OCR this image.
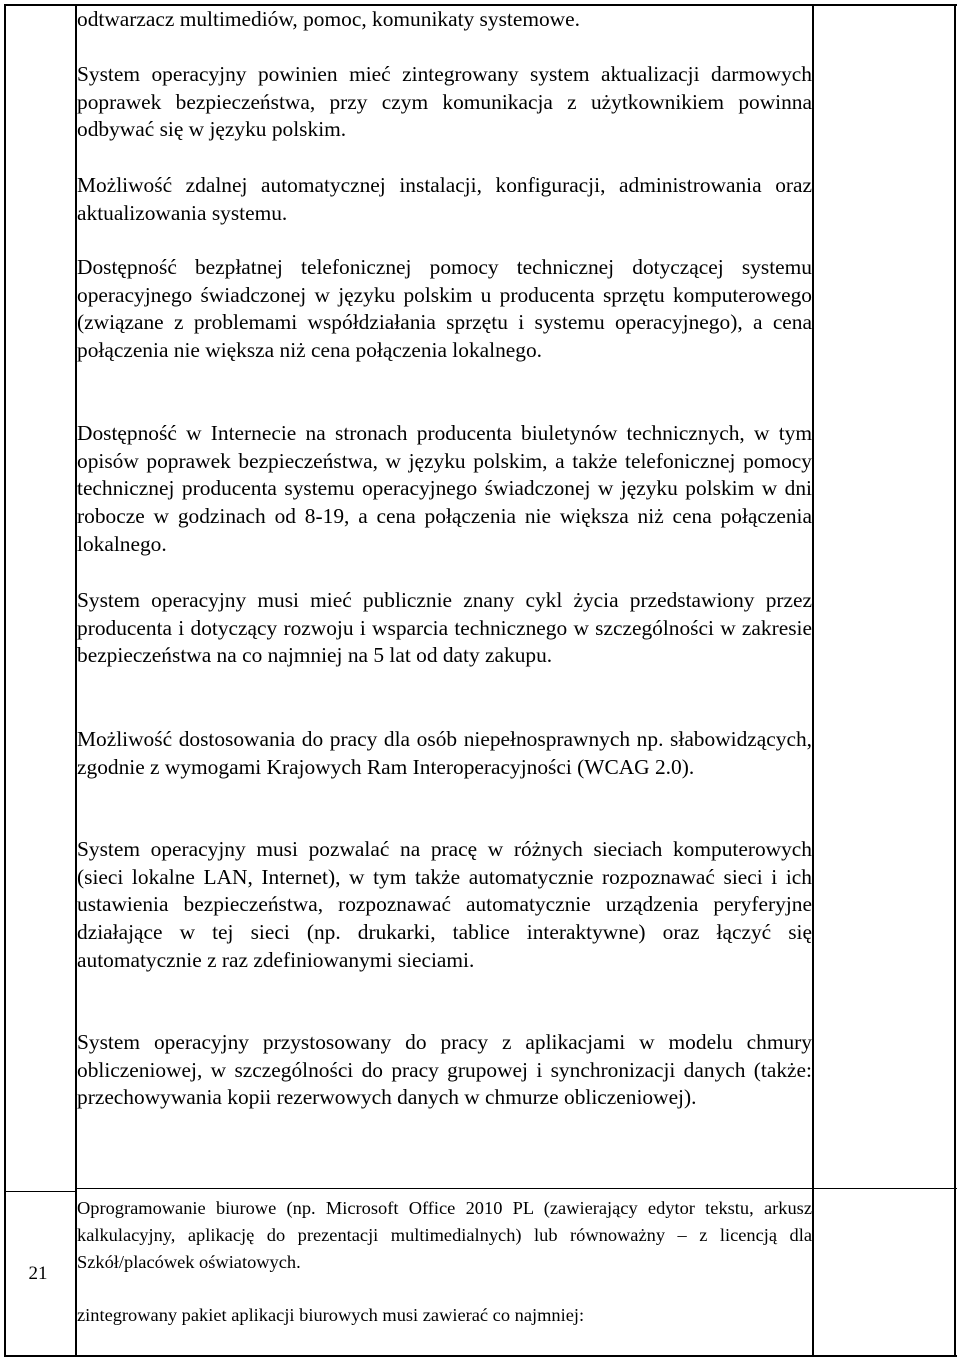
odtwarzacz multimediów, pomoc, komunikaty systemowe.

System operacyjny powinien mieć zintegrowany system aktualizacji darmowych poprawek bezpieczeństwa, przy czym komunikacja z użytkownikiem powinna odbywać się w języku polskim.

Możliwość zdalnej automatycznej instalacji, konfiguracji, administrowania oraz aktualizowania systemu.

Dostępność bezpłatnej telefonicznej pomocy technicznej dotyczącej systemu operacyjnego świadczonej w języku polskim u producenta sprzętu komputerowego (związane z problemami współdziałania sprzętu i systemu operacyjnego), a cena połączenia nie większa niż cena połączenia lokalnego.

Dostępność w Internecie na stronach producenta biuletynów technicznych, w tym opisów poprawek bezpieczeństwa, w języku polskim, a także telefonicznej pomocy technicznej producenta systemu operacyjnego świadczonej w języku polskim w dni robocze w godzinach od 8-19, a cena połączenia nie większa niż cena połączenia lokalnego.

System operacyjny musi mieć publicznie znany cykl życia przedstawiony przez producenta i dotyczący rozwoju i wsparcia technicznego w szczególności w zakresie bezpieczeństwa na co najmniej na 5 lat od daty zakupu.

Możliwość dostosowania do pracy dla osób niepełnosprawnych np. słabowidzących, zgodnie z wymogami Krajowych Ram Interoperacyjności (WCAG 2.0).

System operacyjny musi pozwalać na pracę w różnych sieciach komputerowych (sieci lokalne LAN, Internet), w tym także automatycznie rozpoznawać sieci i ich ustawienia bezpieczeństwa, rozpoznawać automatycznie urządzenia peryferyjne działające w tej sieci (np. drukarki, tablice interaktywne) oraz łączyć się automatycznie z raz zdefiniowanymi sieciami.

System operacyjny przystosowany do pracy z aplikacjami w modelu chmury obliczeniowej, w szczególności do pracy grupowej i synchronizacji danych (także: przechowywania kopii rezerwowych danych w chmurze obliczeniowej).

21

Oprogramowanie biurowe (np. Microsoft Office 2010 PL (zawierający edytor tekstu, arkusz kalkulacyjny, aplikację do prezentacji multimedialnych) lub równoważny – z licencją dla Szkół/placówek oświatowych.

zintegrowany pakiet aplikacji biurowych musi zawierać co najmniej:
